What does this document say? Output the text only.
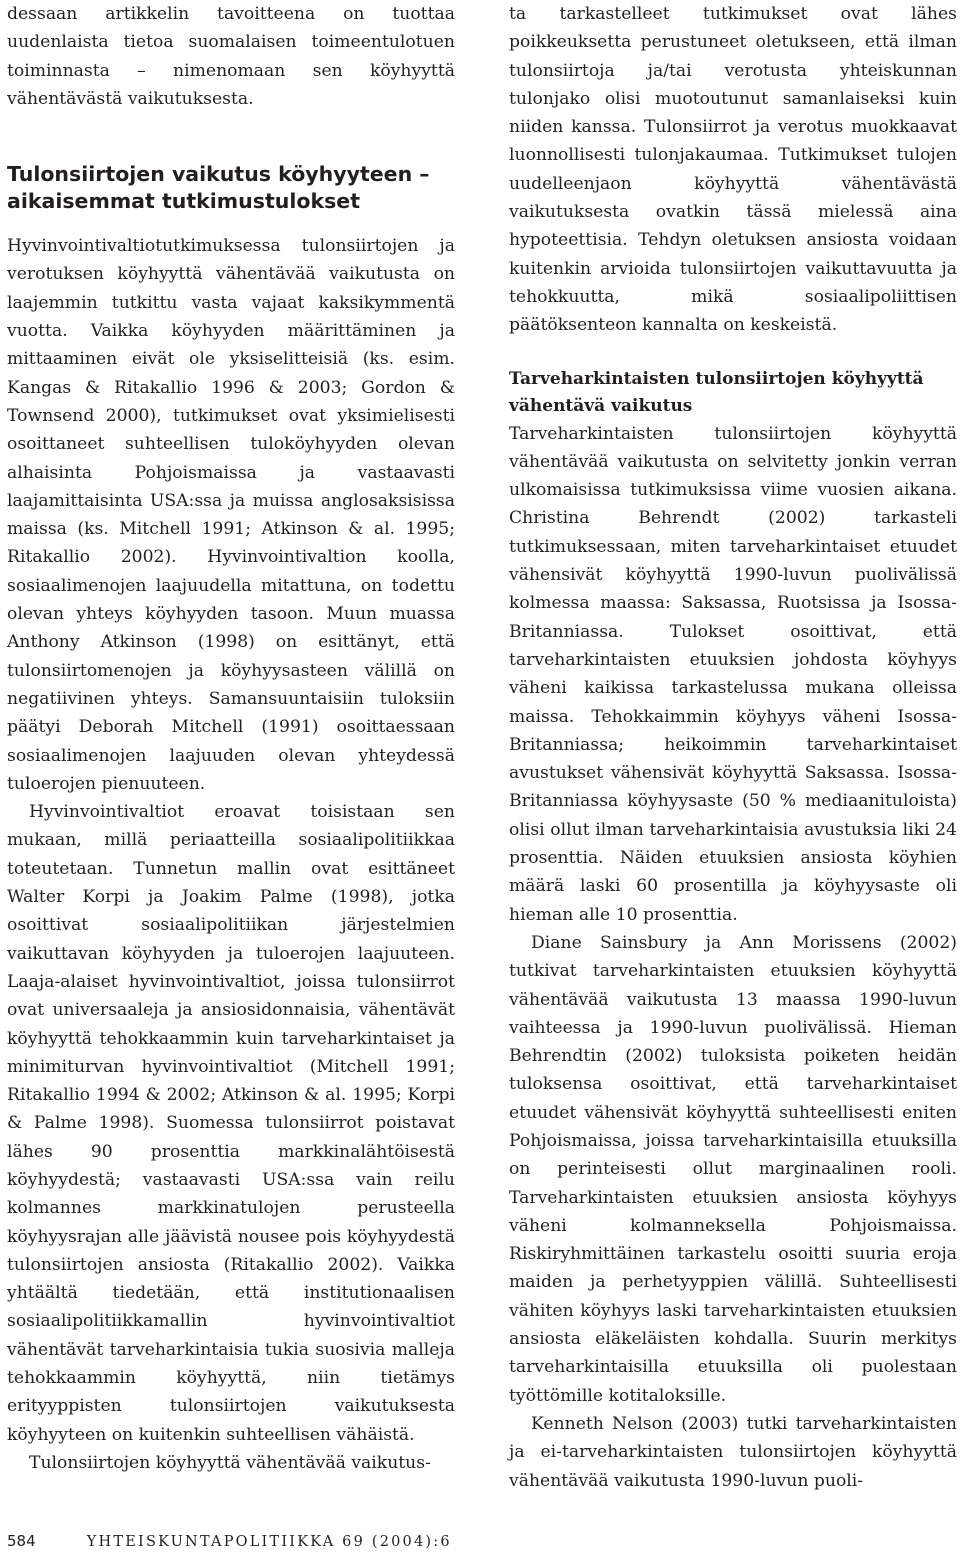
dessaan artikkelin tavoitteena on tuottaa uudenlaista tietoa suomalaisen toimeentulotuen toiminnasta – nimenomaan sen köyhyyttä vähentävästä vaikutuksesta.

Tulonsiirtojen vaikutus köyhyyteen – aikaisemmat tutkimustulokset

Hyvinvointivaltiotutkimuksessa tulonsiirtojen ja verotuksen köyhyyttä vähentävää vaikutusta on laajemmin tutkittu vasta vajaat kaksikymmentä vuotta. Vaikka köyhyyden määrittäminen ja mittaaminen eivät ole yksiselitteisiä (ks. esim. Kangas & Ritakallio 1996 & 2003; Gordon & Townsend 2000), tutkimukset ovat yksimielisesti osoittaneet suhteellisen tuloköyhyyden olevan alhaisinta Pohjoismaissa ja vastaavasti laajamittaisinta USA:ssa ja muissa anglosaksisissa maissa (ks. Mitchell 1991; Atkinson & al. 1995; Ritakallio 2002). Hyvinvointivaltion koolla, sosiaalimenojen laajuudella mitattuna, on todettu olevan yhteys köyhyyden tasoon. Muun muassa Anthony Atkinson (1998) on esittänyt, että tulonsiirtomenojen ja köyhyysasteen välillä on negatiivinen yhteys. Samansuuntaisiin tuloksiin päätyi Deborah Mitchell (1991) osoittaessaan sosiaalimenojen laajuuden olevan yhteydessä tuloerojen pienuuteen.

Hyvinvointivaltiot eroavat toisistaan sen mukaan, millä periaatteilla sosiaalipolitiikkaa toteutetaan. Tunnetun mallin ovat esittäneet Walter Korpi ja Joakim Palme (1998), jotka osoittivat sosiaalipolitiikan järjestelmien vaikuttavan köyhyyden ja tuloerojen laajuuteen. Laaja-alaiset hyvinvointivaltiot, joissa tulonsiirrot ovat universaaleja ja ansiosidonnaisia, vähentävät köyhyyttä tehokkaammin kuin tarveharkintaiset ja minimiturvan hyvinvointivaltiot (Mitchell 1991; Ritakallio 1994 & 2002; Atkinson & al. 1995; Korpi & Palme 1998). Suomessa tulonsiirrot poistavat lähes 90 prosenttia markkinalähtöisestä köyhyydestä; vastaavasti USA:ssa vain reilu kolmannes markkinatulojen perusteella köyhyysrajan alle jäävistä nousee pois köyhyydestä tulonsiirtojen ansiosta (Ritakallio 2002). Vaikka yhtäältä tiedetään, että institutionaalisen sosiaalipolitiikkamallin hyvinvointivaltiot vähentävät tarveharkintaisia tukia suosivia malleja tehokkaammin köyhyyttä, niin tietämys erityyppisten tulonsiirtojen vaikutuksesta köyhyyteen on kuitenkin suhteellisen vähäistä.

Tulonsiirtojen köyhyyttä vähentävää vaikutus-

ta tarkastelleet tutkimukset ovat lähes poikkeuksetta perustuneet oletukseen, että ilman tulonsiirtoja ja/tai verotusta yhteiskunnan tulonjako olisi muotoutunut samanlaiseksi kuin niiden kanssa. Tulonsiirrot ja verotus muokkaavat luonnollisesti tulonjakaumaa. Tutkimukset tulojen uudelleenjaon köyhyyttä vähentävästä vaikutuksesta ovatkin tässä mielessä aina hypoteettisia. Tehdyn oletuksen ansiosta voidaan kuitenkin arvioida tulonsiirtojen vaikuttavuutta ja tehokkuutta, mikä sosiaalipoliittisen päätöksenteon kannalta on keskeistä.

Tarveharkintaisten tulonsiirtojen köyhyyttä vähentävä vaikutus

Tarveharkintaisten tulonsiirtojen köyhyyttä vähentävää vaikutusta on selvitetty jonkin verran ulkomaisissa tutkimuksissa viime vuosien aikana. Christina Behrendt (2002) tarkasteli tutkimuksessaan, miten tarveharkintaiset etuudet vähensivät köyhyyttä 1990-luvun puolivälissä kolmessa maassa: Saksassa, Ruotsissa ja Isossa-Britanniassa. Tulokset osoittivat, että tarveharkintaisten etuuksien johdosta köyhyys väheni kaikissa tarkastelussa mukana olleissa maissa. Tehokkaimmin köyhyys väheni Isossa-Britanniassa; heikoimmin tarveharkintaiset avustukset vähensivät köyhyyttä Saksassa. Isossa-Britanniassa köyhyysaste (50 % mediaanituloista) olisi ollut ilman tarveharkintaisia avustuksia liki 24 prosenttia. Näiden etuuksien ansiosta köyhien määrä laski 60 prosentilla ja köyhyysaste oli hieman alle 10 prosenttia.

Diane Sainsbury ja Ann Morissens (2002) tutkivat tarveharkintaisten etuuksien köyhyyttä vähentävää vaikutusta 13 maassa 1990-luvun vaihteessa ja 1990-luvun puolivälissä. Hieman Behrendtin (2002) tuloksista poiketen heidän tuloksensa osoittivat, että tarveharkintaiset etuudet vähensivät köyhyyttä suhteellisesti eniten Pohjoismaissa, joissa tarveharkintaisilla etuuksilla on perinteisesti ollut marginaalinen rooli. Tarveharkintaisten etuuksien ansiosta köyhyys väheni kolmanneksella Pohjoismaissa. Riskiryhmittäinen tarkastelu osoitti suuria eroja maiden ja perhetyyppien välillä. Suhteellisesti vähiten köyhyys laski tarveharkintaisten etuuksien ansiosta eläkeläisten kohdalla. Suurin merkitys tarveharkintaisilla etuuksilla oli puolestaan työttömille kotitaloksille.

Kenneth Nelson (2003) tutki tarveharkintaisten ja ei-tarveharkintaisten tulonsiirtojen köyhyyttä vähentävää vaikutusta 1990-luvun puoli-

584	YHTEISKUNTAPOLITIIKKA 69 (2004):6
